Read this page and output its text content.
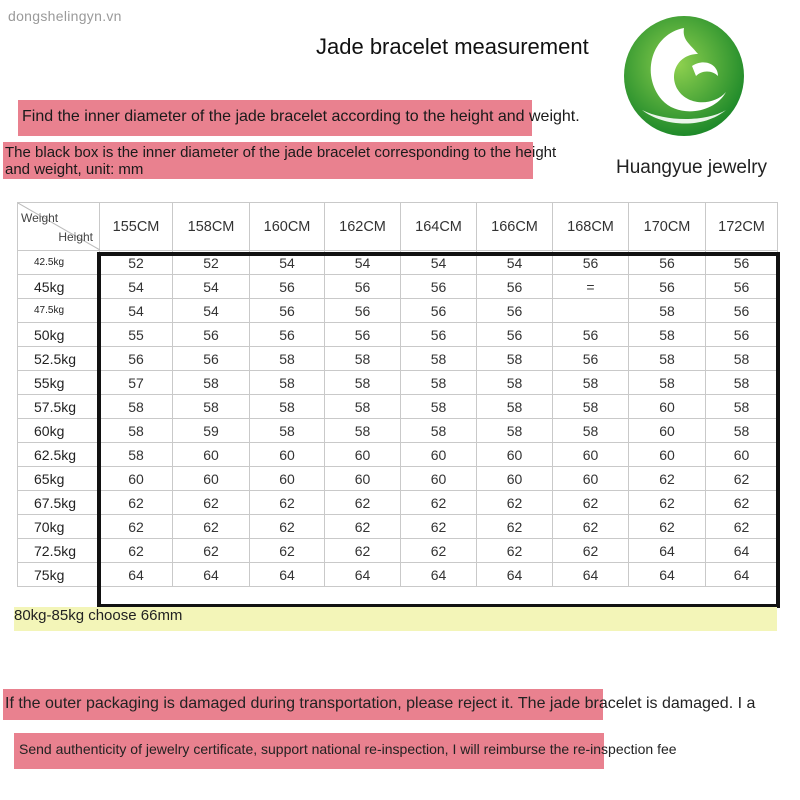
dongshelingyn.vn
Jade bracelet measurement
Huangyue jewelry
Find the inner diameter of the jade bracelet according to the height and weight.
The black box is the inner diameter of the jade bracelet corresponding to the height and weight, unit: mm
Weight
Height	155CM	158CM	160CM	162CM	164CM	166CM	168CM	170CM	172CM
42.5kg	52	52	54	54	54	54	56	56	56
45kg	54	54	56	56	56	56	=	56	56
47.5kg	54	54	56	56	56	56		58	56
50kg	55	56	56	56	56	56	56	58	56
52.5kg	56	56	58	58	58	58	56	58	58
55kg	57	58	58	58	58	58	58	58	58
57.5kg	58	58	58	58	58	58	58	60	58
60kg	58	59	58	58	58	58	58	60	58
62.5kg	58	60	60	60	60	60	60	60	60
65kg	60	60	60	60	60	60	60	62	62
67.5kg	62	62	62	62	62	62	62	62	62
70kg	62	62	62	62	62	62	62	62	62
72.5kg	62	62	62	62	62	62	62	64	64
75kg	64	64	64	64	64	64	64	64	64
80kg-85kg choose 66mm
If the outer packaging is damaged during transportation, please reject it. The jade bracelet is damaged. I a
Send authenticity of jewelry certificate, support national re-inspection, I will reimburse the re-inspection fee
